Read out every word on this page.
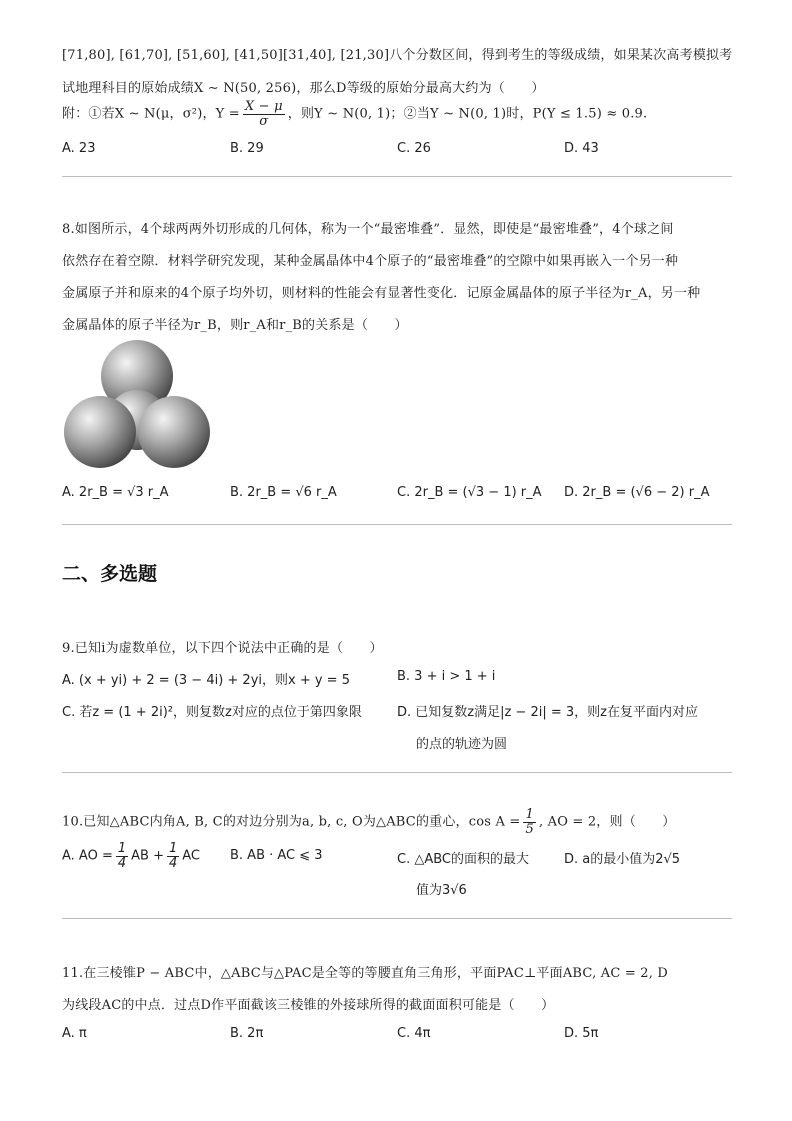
[71,80], [61,70], [51,60], [41,50][31,40], [21,30]八个分数区间，得到考生的等级成绩，如果某次高考模拟考
试地理科目的原始成绩X ∼ N(50, 256)，那么D等级的原始分最高大约为（　　）
附：①若X ∼ N(μ，σ²)，$Y = \frac{X - \mu}{\sigma}$ ，则Y ∼ N(0, 1)；②当Y ∼ N(0, 1)时，P(Y ≤ 1.5) ≈ 0.9.
A. 23	B. 29	C. 26	D. 43
8.如图所示，4个球两两外切形成的几何体，称为一个“最密堆叠”．显然，即使是“最密堆叠”，4个球之间
依然存在着空隙．材料学研究发现，某种金属晶体中4个原子的“最密堆叠”的空隙中如果再嵌入一个另一种
金属原子并和原来的4个原子均外切，则材料的性能会有显著性变化．记原金属晶体的原子半径为r_A，另一种
金属晶体的原子半径为r_B，则r_A和r_B的关系是（　　）
A. 2r_B = √3 r_A	B. 2r_B = √6 r_A	C. 2r_B = (√3 − 1) r_A D. 2r_B = (√6 − 2) r_A
二、多选题
9.已知i为虚数单位，以下四个说法中正确的是（　　）
A. (x + yi) + 2 = (3 − 4i) + 2yi，则x + y = 5	B. 3 + i > 1 + i
C. 若z = (1 + 2i)²，则复数z对应的点位于第四象限	D. 已知复数z满足|z − 2i| = 3，则z在复平面内对应
的点的轨迹为圆
10.已知△ABC内角A, B, C的对边分别为a, b, c, O为△ABC的重心，$\cos A = \frac{1}{5}$ , AO = 2，则（　　）
A. AO = $\frac{1}{4}$ AB + $\frac{1}{4}$ AC B. AB · AC ⩽ 3	C. △ABC的面积的最大
值为3√6
D. a的最小值为2√5
11.在三棱锥P − ABC中，△ABC与△PAC是全等的等腰直角三角形，平面PAC⊥平面ABC, AC = 2, D
为线段AC的中点．过点D作平面截该三棱锥的外接球所得的截面面积可能是（　　）
A. π	B. 2π	C. 4π	D. 5π
